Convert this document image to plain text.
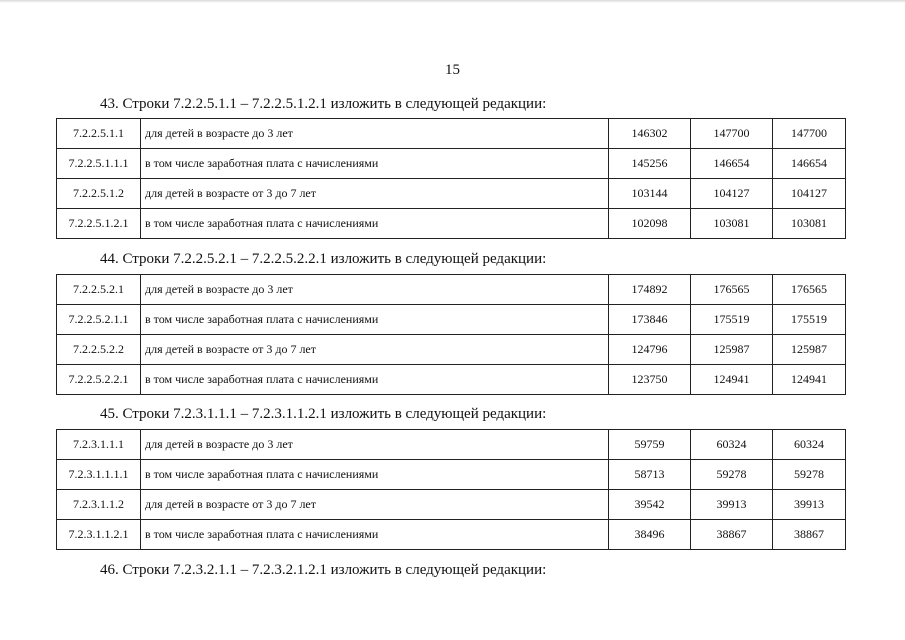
15
43. Строки 7.2.2.5.1.1 – 7.2.2.5.1.2.1 изложить в следующей редакции:
7.2.2.5.1.1	для детей в возрасте до 3 лет	146302	147700	147700
7.2.2.5.1.1.1	в том числе заработная плата с начислениями	145256	146654	146654
7.2.2.5.1.2	для детей в возрасте от 3 до 7 лет	103144	104127	104127
7.2.2.5.1.2.1	в том числе заработная плата с начислениями	102098	103081	103081
44. Строки 7.2.2.5.2.1 – 7.2.2.5.2.2.1 изложить в следующей редакции:
7.2.2.5.2.1	для детей в возрасте до 3 лет	174892	176565	176565
7.2.2.5.2.1.1	в том числе заработная плата с начислениями	173846	175519	175519
7.2.2.5.2.2	для детей в возрасте от 3 до 7 лет	124796	125987	125987
7.2.2.5.2.2.1	в том числе заработная плата с начислениями	123750	124941	124941
45. Строки 7.2.3.1.1.1 – 7.2.3.1.1.2.1 изложить в следующей редакции:
7.2.3.1.1.1	для детей в возрасте до 3 лет	59759	60324	60324
7.2.3.1.1.1.1	в том числе заработная плата с начислениями	58713	59278	59278
7.2.3.1.1.2	для детей в возрасте от 3 до 7 лет	39542	39913	39913
7.2.3.1.1.2.1	в том числе заработная плата с начислениями	38496	38867	38867
46. Строки 7.2.3.2.1.1 – 7.2.3.2.1.2.1 изложить в следующей редакции:
